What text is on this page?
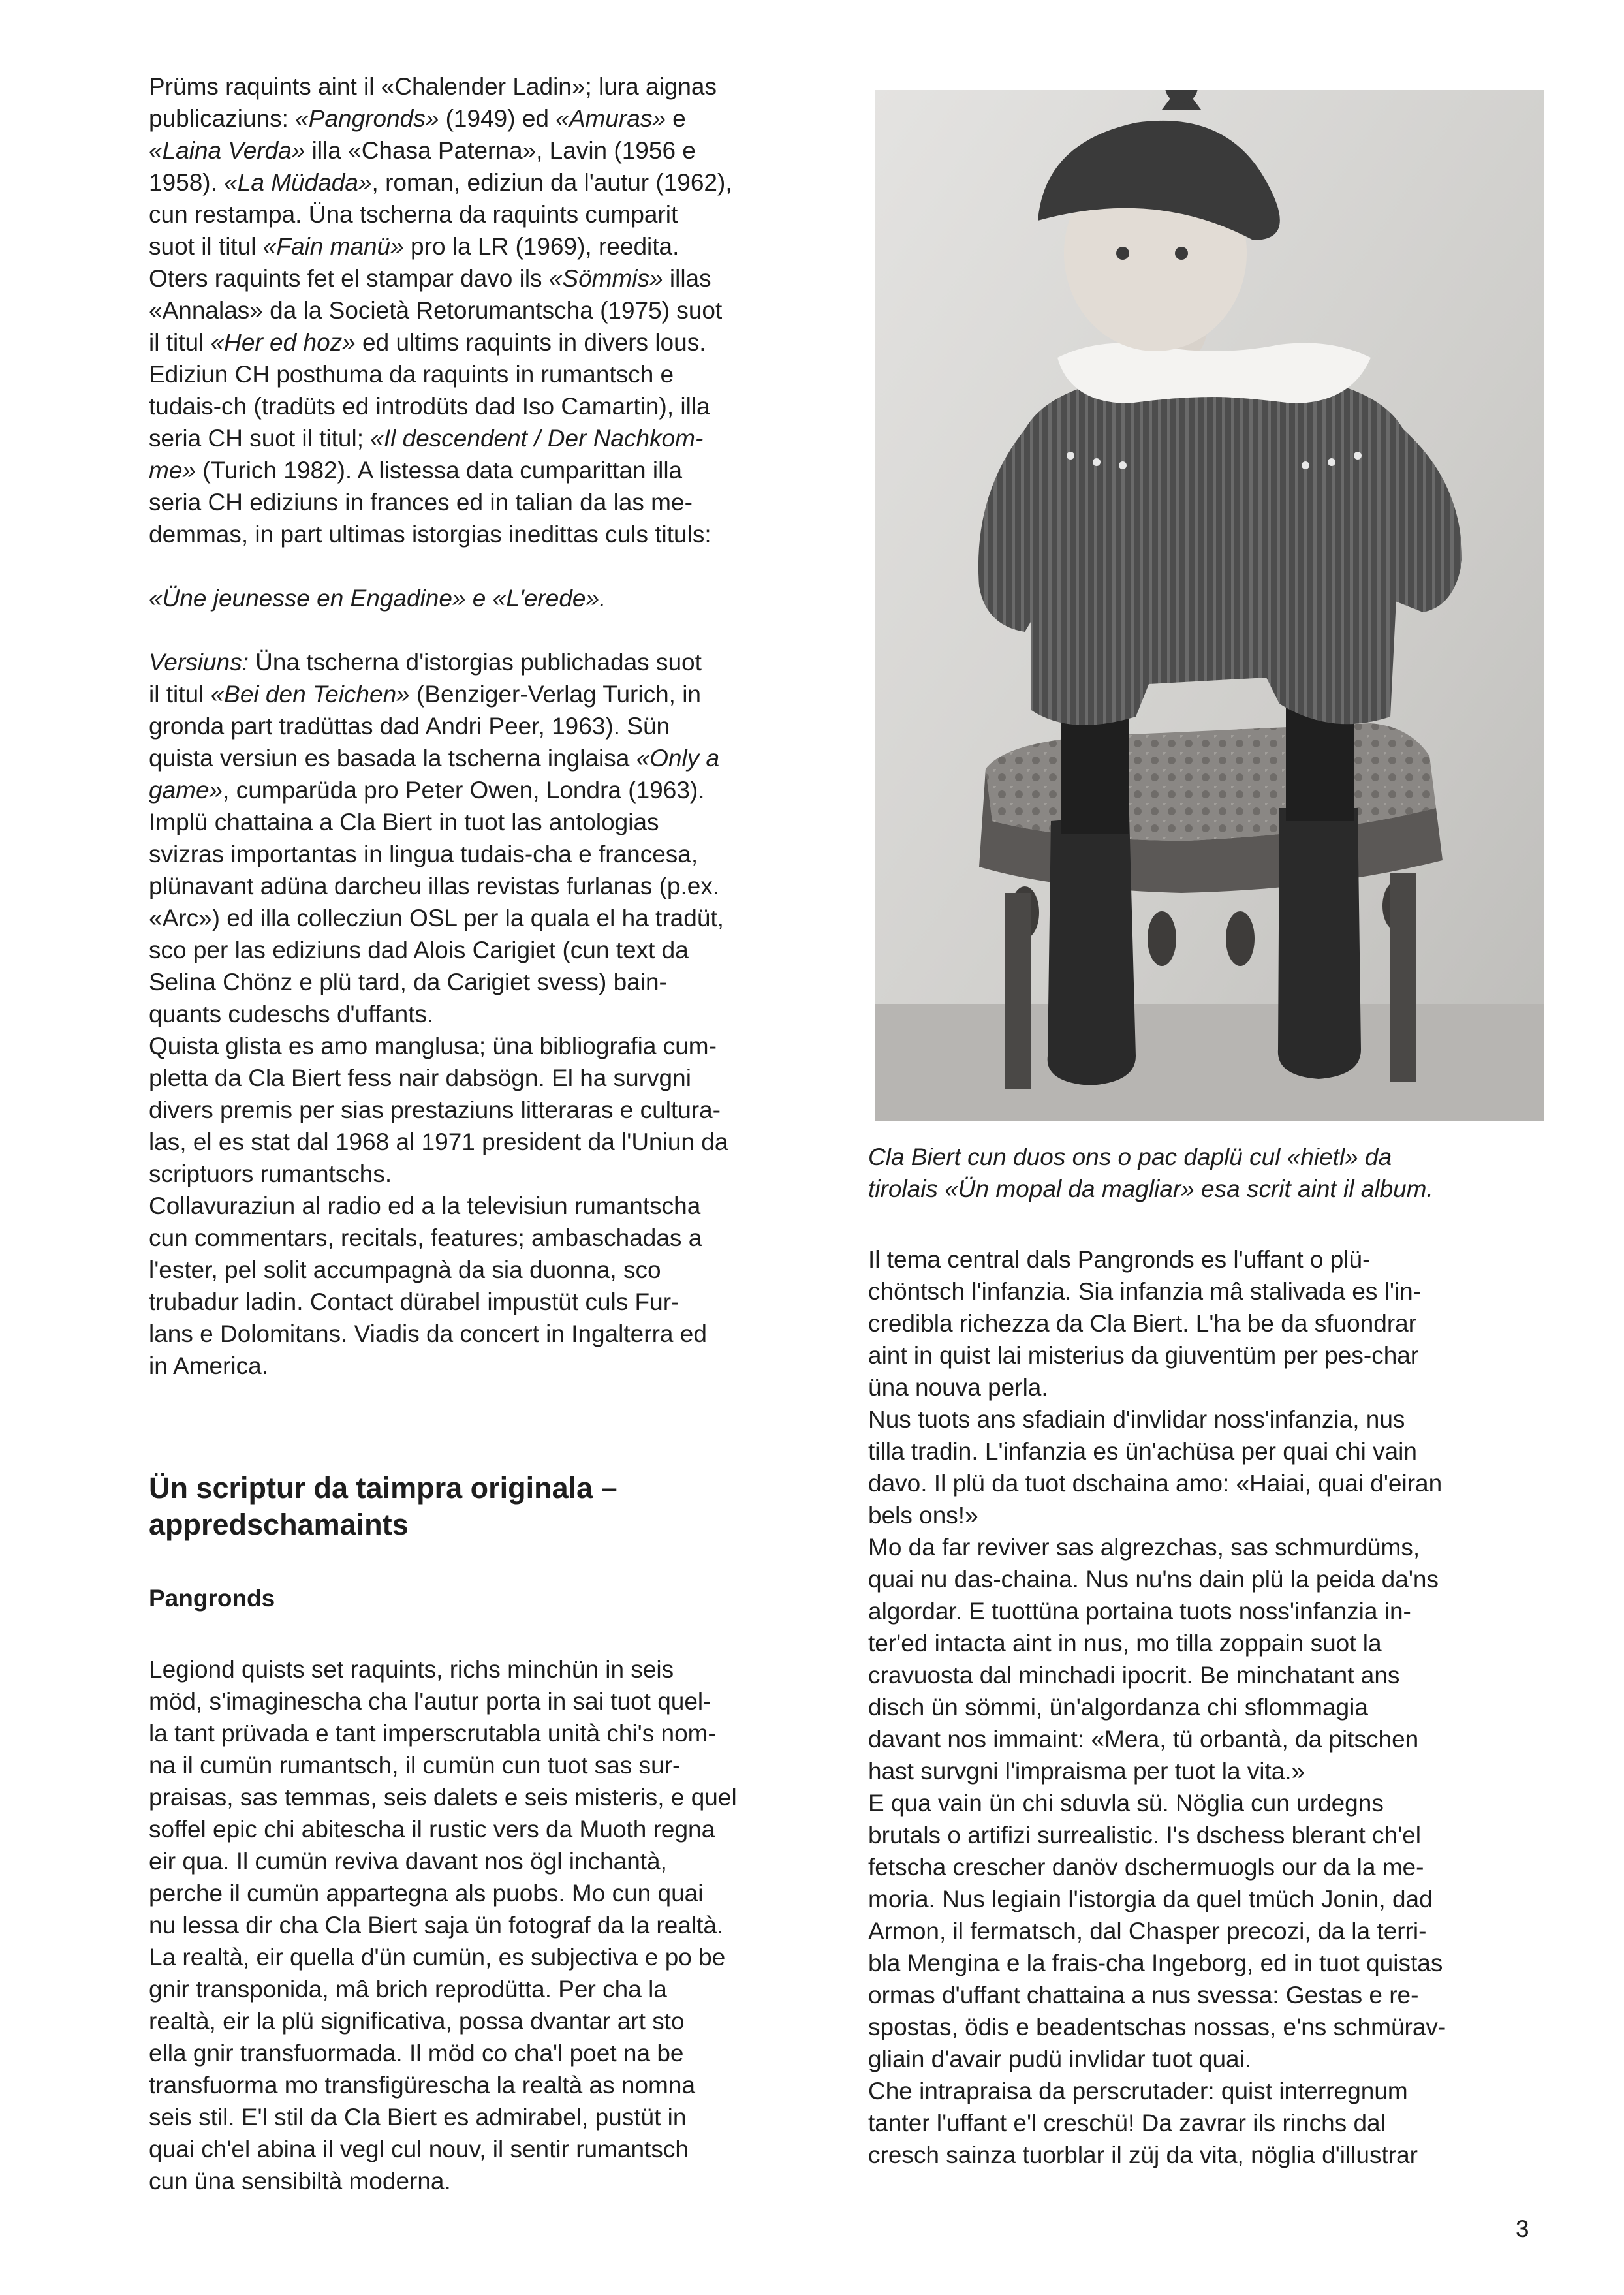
Prüms raquints aint il «Chalender Ladin»; lura aignas

publicaziuns: «Pangronds» (1949) ed «Amuras» e

«Laina Verda» illa «Chasa Paterna», Lavin (1956 e

1958). «La Müdada», roman, ediziun da l'autur (1962),

cun restampa. Üna tscherna da raquints cumparit

suot il titul «Fain manü» pro la LR (1969), reedita.

Oters raquints fet el stampar davo ils «Sömmis» illas

«Annalas» da la Società Retorumantscha (1975) suot

il titul «Her ed hoz» ed ultims raquints in divers lous.

Ediziun CH posthuma da raquints in rumantsch e

tudais-ch (tradüts ed introdüts dad Iso Camartin), illa

seria CH suot il titul; «Il descendent / Der Nachkom-

me» (Turich 1982). A listessa data cumparittan illa

seria CH ediziuns in frances ed in talian da las me-

demmas, in part ultimas istorgias inedittas culs tituls:

«Üne jeunesse en Engadine» e «L'erede».

Versiuns: Üna tscherna d'istorgias publichadas suot

il titul «Bei den Teichen» (Benziger-Verlag Turich, in

gronda part tradüttas dad Andri Peer, 1963). Sün

quista versiun es basada la tscherna inglaisa «Only a

game», cumparüda pro Peter Owen, Londra (1963).

Implü chattaina a Cla Biert in tuot las antologias

svizras importantas in lingua tudais-cha e francesa,

plünavant adüna darcheu illas revistas furlanas (p.ex.

«Arc») ed illa collecziun OSL per la quala el ha tradüt,

sco per las ediziuns dad Alois Carigiet (cun text da

Selina Chönz e plü tard, da Carigiet svess) bain-

quants cudeschs d'uffants.

Quista glista es amo manglusa; üna bibliografia cum-

pletta da Cla Biert fess nair dabsögn. El ha survgni

divers premis per sias prestaziuns litteraras e cultura-

las, el es stat dal 1968 al 1971 president da l'Uniun da

scriptuors rumantschs.

Collavuraziun al radio ed a la televisiun rumantscha

cun commentars, recitals, features; ambaschadas a

l'ester, pel solit accumpagnà da sia duonna, sco

trubadur ladin. Contact dürabel impustüt culs Fur-

lans e Dolomitans. Viadis da concert in Ingalterra ed

in America.

Ün scriptur da taimpra originala –

appredschamaints

Pangronds

Legiond quists set raquints, richs minchün in seis

möd, s'imaginescha cha l'autur porta in sai tuot quel-

la tant prüvada e tant imperscrutabla unità chi's nom-

na il cumün rumantsch, il cumün cun tuot sas sur-

praisas, sas temmas, seis dalets e seis misteris, e quel

soffel epic chi abitescha il rustic vers da Muoth regna

eir qua. Il cumün reviva davant nos ögl inchantà,

perche il cumün appartegna als puobs. Mo cun quai

nu lessa dir cha Cla Biert saja ün fotograf da la realtà.

La realtà, eir quella d'ün cumün, es subjectiva e po be

gnir transponida, mâ brich reprodütta. Per cha la

realtà, eir la plü significativa, possa dvantar art sto

ella gnir transfuormada. Il möd co cha'l poet na be

transfuorma mo transfigürescha la realtà as nomna

seis stil. E'l stil da Cla Biert es admirabel, pustüt in

quai ch'el abina il vegl cul nouv, il sentir rumantsch

cun üna sensibiltà moderna.

Cla Biert cun duos ons o pac daplü cul «hietl» da

tirolais «Ün mopal da magliar» esa scrit aint il album.

Il tema central dals Pangronds es l'uffant o plü-

chöntsch l'infanzia. Sia infanzia mâ stalivada es l'in-

credibla richezza da Cla Biert. L'ha be da sfuondrar

aint in quist lai misterius da giuventüm per pes-char

üna nouva perla.

Nus tuots ans sfadiain d'invlidar noss'infanzia, nus

tilla tradin. L'infanzia es ün'achüsa per quai chi vain

davo. Il plü da tuot dschaina amo: «Haiai, quai d'eiran

bels ons!»

Mo da far reviver sas algrezchas, sas schmurdüms,

quai nu das-chaina. Nus nu'ns dain plü la peida da'ns

algordar. E tuottüna portaina tuots noss'infanzia in-

ter'ed intacta aint in nus, mo tilla zoppain suot la

cravuosta dal minchadi ipocrit. Be minchatant ans

disch ün sömmi, ün'algordanza chi sflommagia

davant nos immaint: «Mera, tü orbantà, da pitschen

hast survgni l'impraisma per tuot la vita.»

E qua vain ün chi sduvla sü. Nöglia cun urdegns

brutals o artifizi surrealistic. I's dschess blerant ch'el

fetscha crescher danöv dschermuogls our da la me-

moria. Nus legiain l'istorgia da quel tmüch Jonin, dad

Armon, il fermatsch, dal Chasper precozi, da la terri-

bla Mengina e la frais-cha Ingeborg, ed in tuot quistas

ormas d'uffant chattaina a nus svessa: Gestas e re-

spostas, ödis e beadentschas nossas, e'ns schmürav-

gliain d'avair pudü invlidar tuot quai.

Che intrapraisa da perscrutader: quist interregnum

tanter l'uffant e'l creschü! Da zavrar ils rinchs dal

cresch sainza tuorblar il züj da vita, nöglia d'illustrar

3
